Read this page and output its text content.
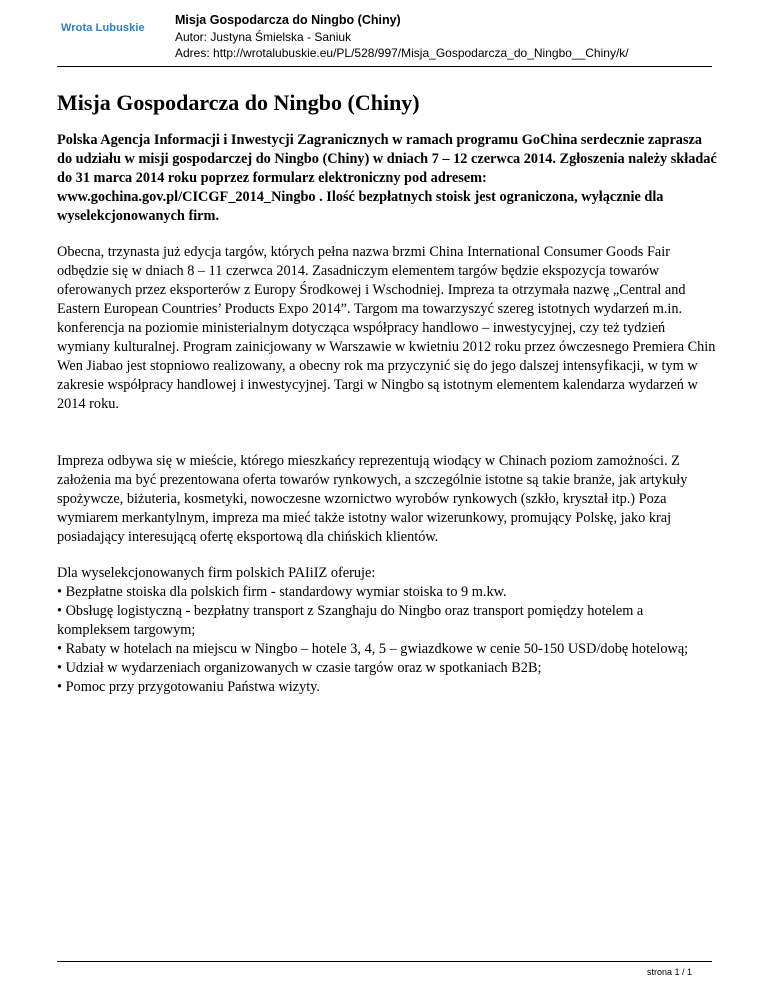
Wrota Lubuskie
Misja Gospodarcza do Ningbo (Chiny)
Autor: Justyna Śmielska - Saniuk
Adres: http://wrotalubuskie.eu/PL/528/997/Misja_Gospodarcza_do_Ningbo__Chiny/k/
Misja Gospodarcza do Ningbo (Chiny)

Polska Agencja Informacji i Inwestycji Zagranicznych w ramach programu GoChina serdecznie zaprasza do udziału w misji gospodarczej do Ningbo (Chiny) w dniach 7 – 12 czerwca 2014. Zgłoszenia należy składać do 31 marca 2014 roku poprzez formularz elektroniczny pod adresem: www.gochina.gov.pl/CICGF_2014_Ningbo . Ilość bezpłatnych stoisk jest ograniczona, wyłącznie dla wyselekcjonowanych firm.

Obecna, trzynasta już edycja targów, których pełna nazwa brzmi China International Consumer Goods Fair odbędzie się w dniach 8 – 11 czerwca 2014. Zasadniczym elementem targów będzie ekspozycja towarów oferowanych przez eksporterów z Europy Środkowej i Wschodniej. Impreza ta otrzymała nazwę „Central and Eastern European Countries’ Products Expo 2014”. Targom ma towarzyszyć szereg istotnych wydarzeń m.in. konferencja na poziomie ministerialnym dotycząca współpracy handlowo – inwestycyjnej, czy też tydzień wymiany kulturalnej. Program zainicjowany w Warszawie w kwietniu 2012 roku przez ówczesnego Premiera Chin Wen Jiabao jest stopniowo realizowany, a obecny rok ma przyczynić się do jego dalszej intensyfikacji, w tym w zakresie współpracy handlowej i inwestycyjnej. Targi w Ningbo są istotnym elementem kalendarza wydarzeń w 2014 roku.

Impreza odbywa się w mieście, którego mieszkańcy reprezentują wiodący w Chinach poziom zamożności. Z założenia ma być prezentowana oferta towarów rynkowych, a szczególnie istotne są takie branże, jak artykuły spożywcze, biżuteria, kosmetyki, nowoczesne wzornictwo wyrobów rynkowych (szkło, kryształ itp.) Poza wymiarem merkantylnym, impreza ma mieć także istotny walor wizerunkowy, promujący Polskę, jako kraj posiadający interesującą ofertę eksportową dla chińskich klientów.

Dla wyselekcjonowanych firm polskich PAIiIZ oferuje:

• Bezpłatne stoiska dla polskich firm - standardowy wymiar stoiska to 9 m.kw.
• Obsługę logistyczną - bezpłatny transport z Szanghaju do Ningbo oraz transport pomiędzy hotelem a kompleksem targowym;
• Rabaty w hotelach na miejscu w Ningbo – hotele 3, 4, 5 – gwiazdkowe w cenie 50-150 USD/dobę hotelową;
• Udział w wydarzeniach organizowanych w czasie targów oraz w spotkaniach B2B;
• Pomoc przy przygotowaniu Państwa wizyty.
strona 1 / 1
